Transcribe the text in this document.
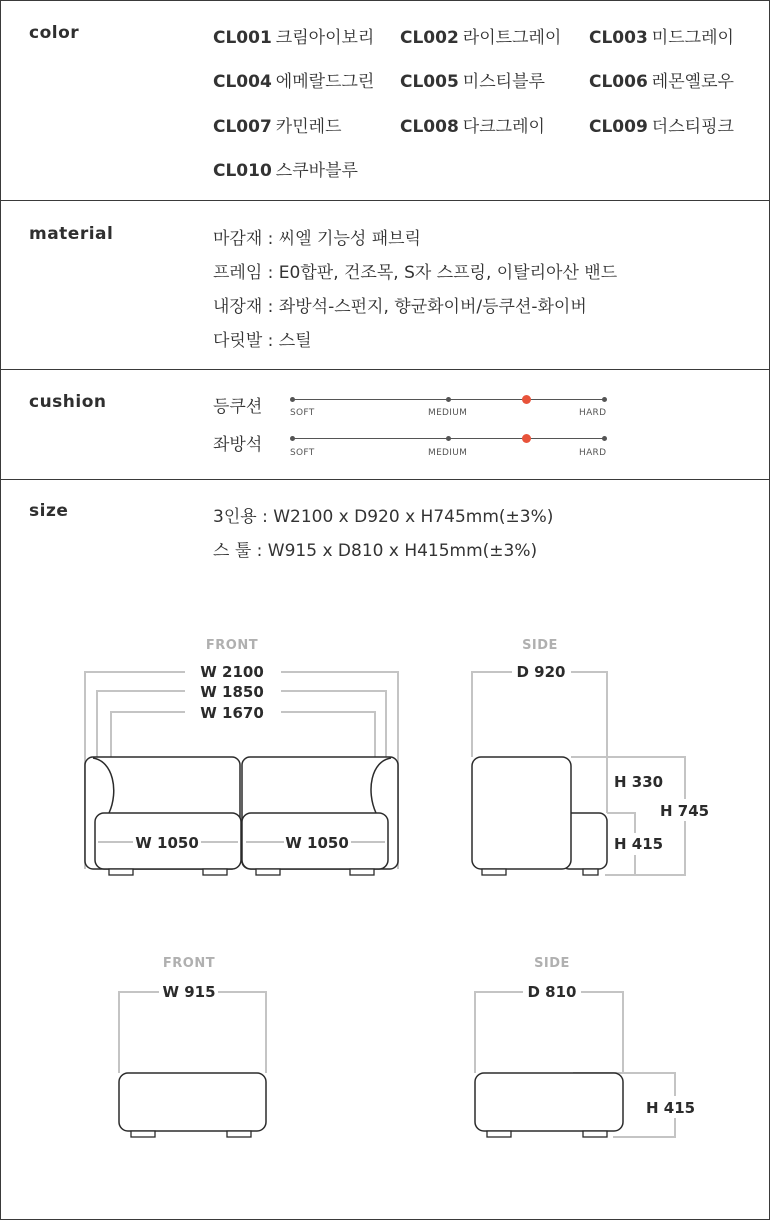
color	CL001 크림아이보리 CL002 라이트그레이 CL003 미드그레이
CL004 에메랄드그린 CL005 미스티블루	CL006 레몬옐로우
CL007 카민레드	CL008 다크그레이	CL009 더스티핑크
CL010 스쿠바블루
material	마감재 : 씨엘 기능성 패브릭
프레임 : E0합판, 건조목, S자 스프링, 이탈리아산 밴드
내장재 : 좌방석-스펀지, 향균화이버/등쿠션-화이버
다릿발 : 스틸
cushion	등쿠션	SOFT	MEDIUM	HARD
좌방석	SOFT	MEDIUM	HARD
size	3인용 : W2100 x D920 x H745mm(±3%)
스 툴 : W915 x D810 x H415mm(±3%)
FRONT
W 2100
W 1850
W 1670
W 1050	W 1050
SIDE
D 920
H 330
H 415
H 745
FRONT
W 915
SIDE
D 810
H 415
